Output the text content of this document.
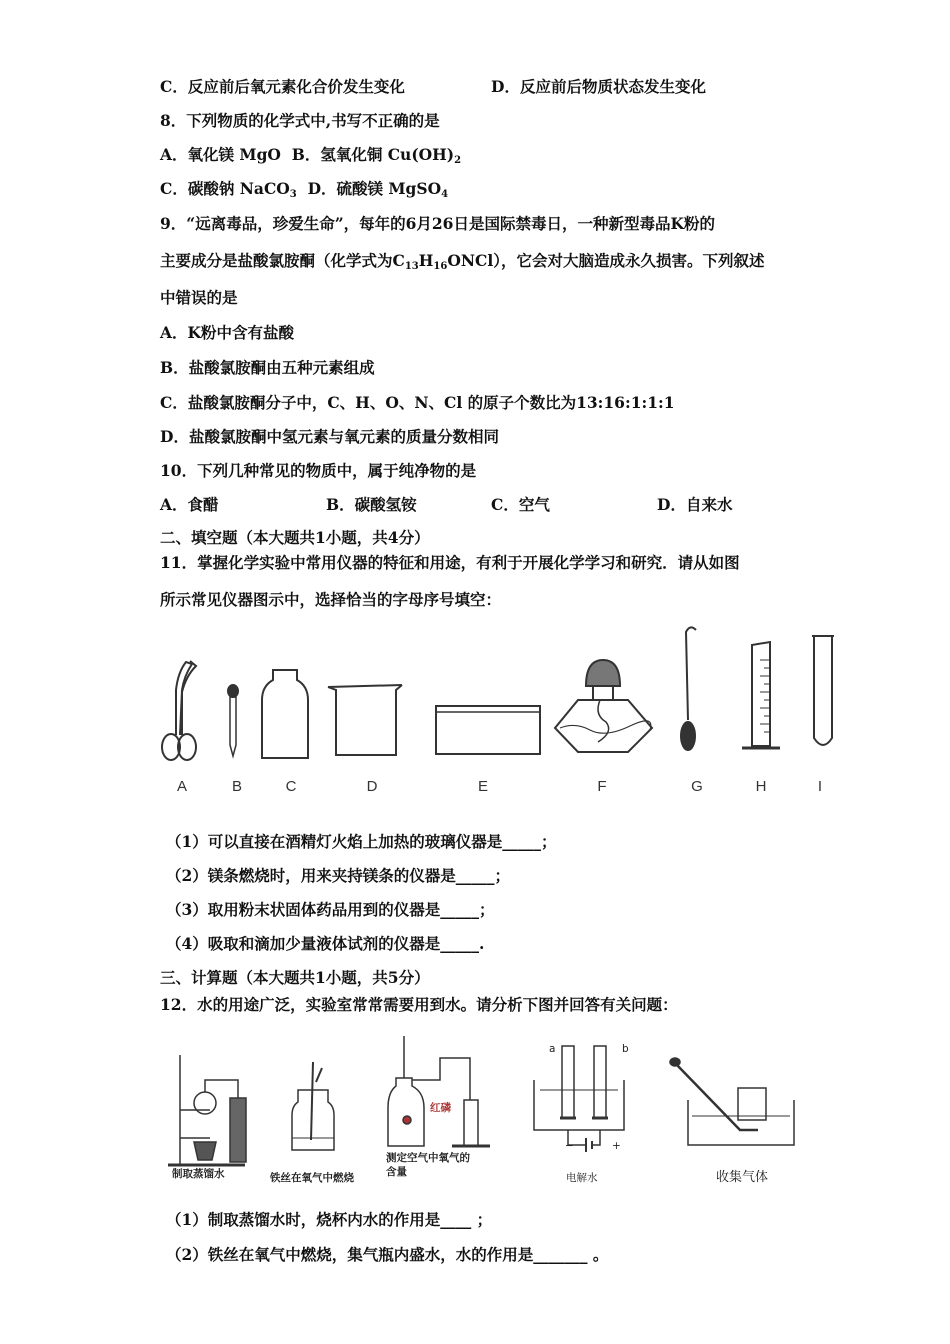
C．反应前后氧元素化合价发生变化	D．反应前后物质状态发生变化
8．下列物质的化学式中,书写不正确的是
A．氧化镁 MgO B．氢氧化铜 $Cu(OH)_2$
C．碳酸钠 NaCO$_3$ D．硫酸镁 MgSO$_4$
9．“远离毒品，珍爱生命”，每年的6月26日是国际禁毒日，一种新型毒品K粉的
主要成分是盐酸氯胺酮（化学式为$C_{13}H_{16}ONCl$），它会对大脑造成永久损害。下列叙述
中错误的是
A．K粉中含有盐酸
B．盐酸氯胺酮由五种元素组成
C．盐酸氯胺酮分子中，C、H、O、N、Cl 的原子个数比为13:16:1:1:1
D．盐酸氯胺酮中氢元素与氧元素的质量分数相同
10．下列几种常见的物质中，属于纯净物的是
A．食醋	B．碳酸氢铵	C．空气	D．自来水
二、填空题（本大题共1小题，共4分）
11．掌握化学实验中常用仪器的特征和用途，有利于开展化学学习和研究．请从如图
所示常见仪器图示中，选择恰当的字母序号填空：
A	B	C	D	E	F	G	H	I
（1）可以直接在酒精灯火焰上加热的玻璃仪器是_____；
（2）镁条燃烧时，用来夹持镁条的仪器是_____；
（3）取用粉末状固体药品用到的仪器是_____；
（4）吸取和滴加少量液体试剂的仪器是_____.
三、计算题（本大题共1小题，共5分）
12．水的用途广泛，实验室常常需要用到水。请分析下图并回答有关问题：
制取蒸馏水	铁丝在氧气中燃烧
红磷
测定空气中氧气的
含量
a	b
−	+
电解水	收集气体
（1）制取蒸馏水时，烧杯内水的作用是____ ；
（2）铁丝在氧气中燃烧，集气瓶内盛水，水的作用是_______ 。
